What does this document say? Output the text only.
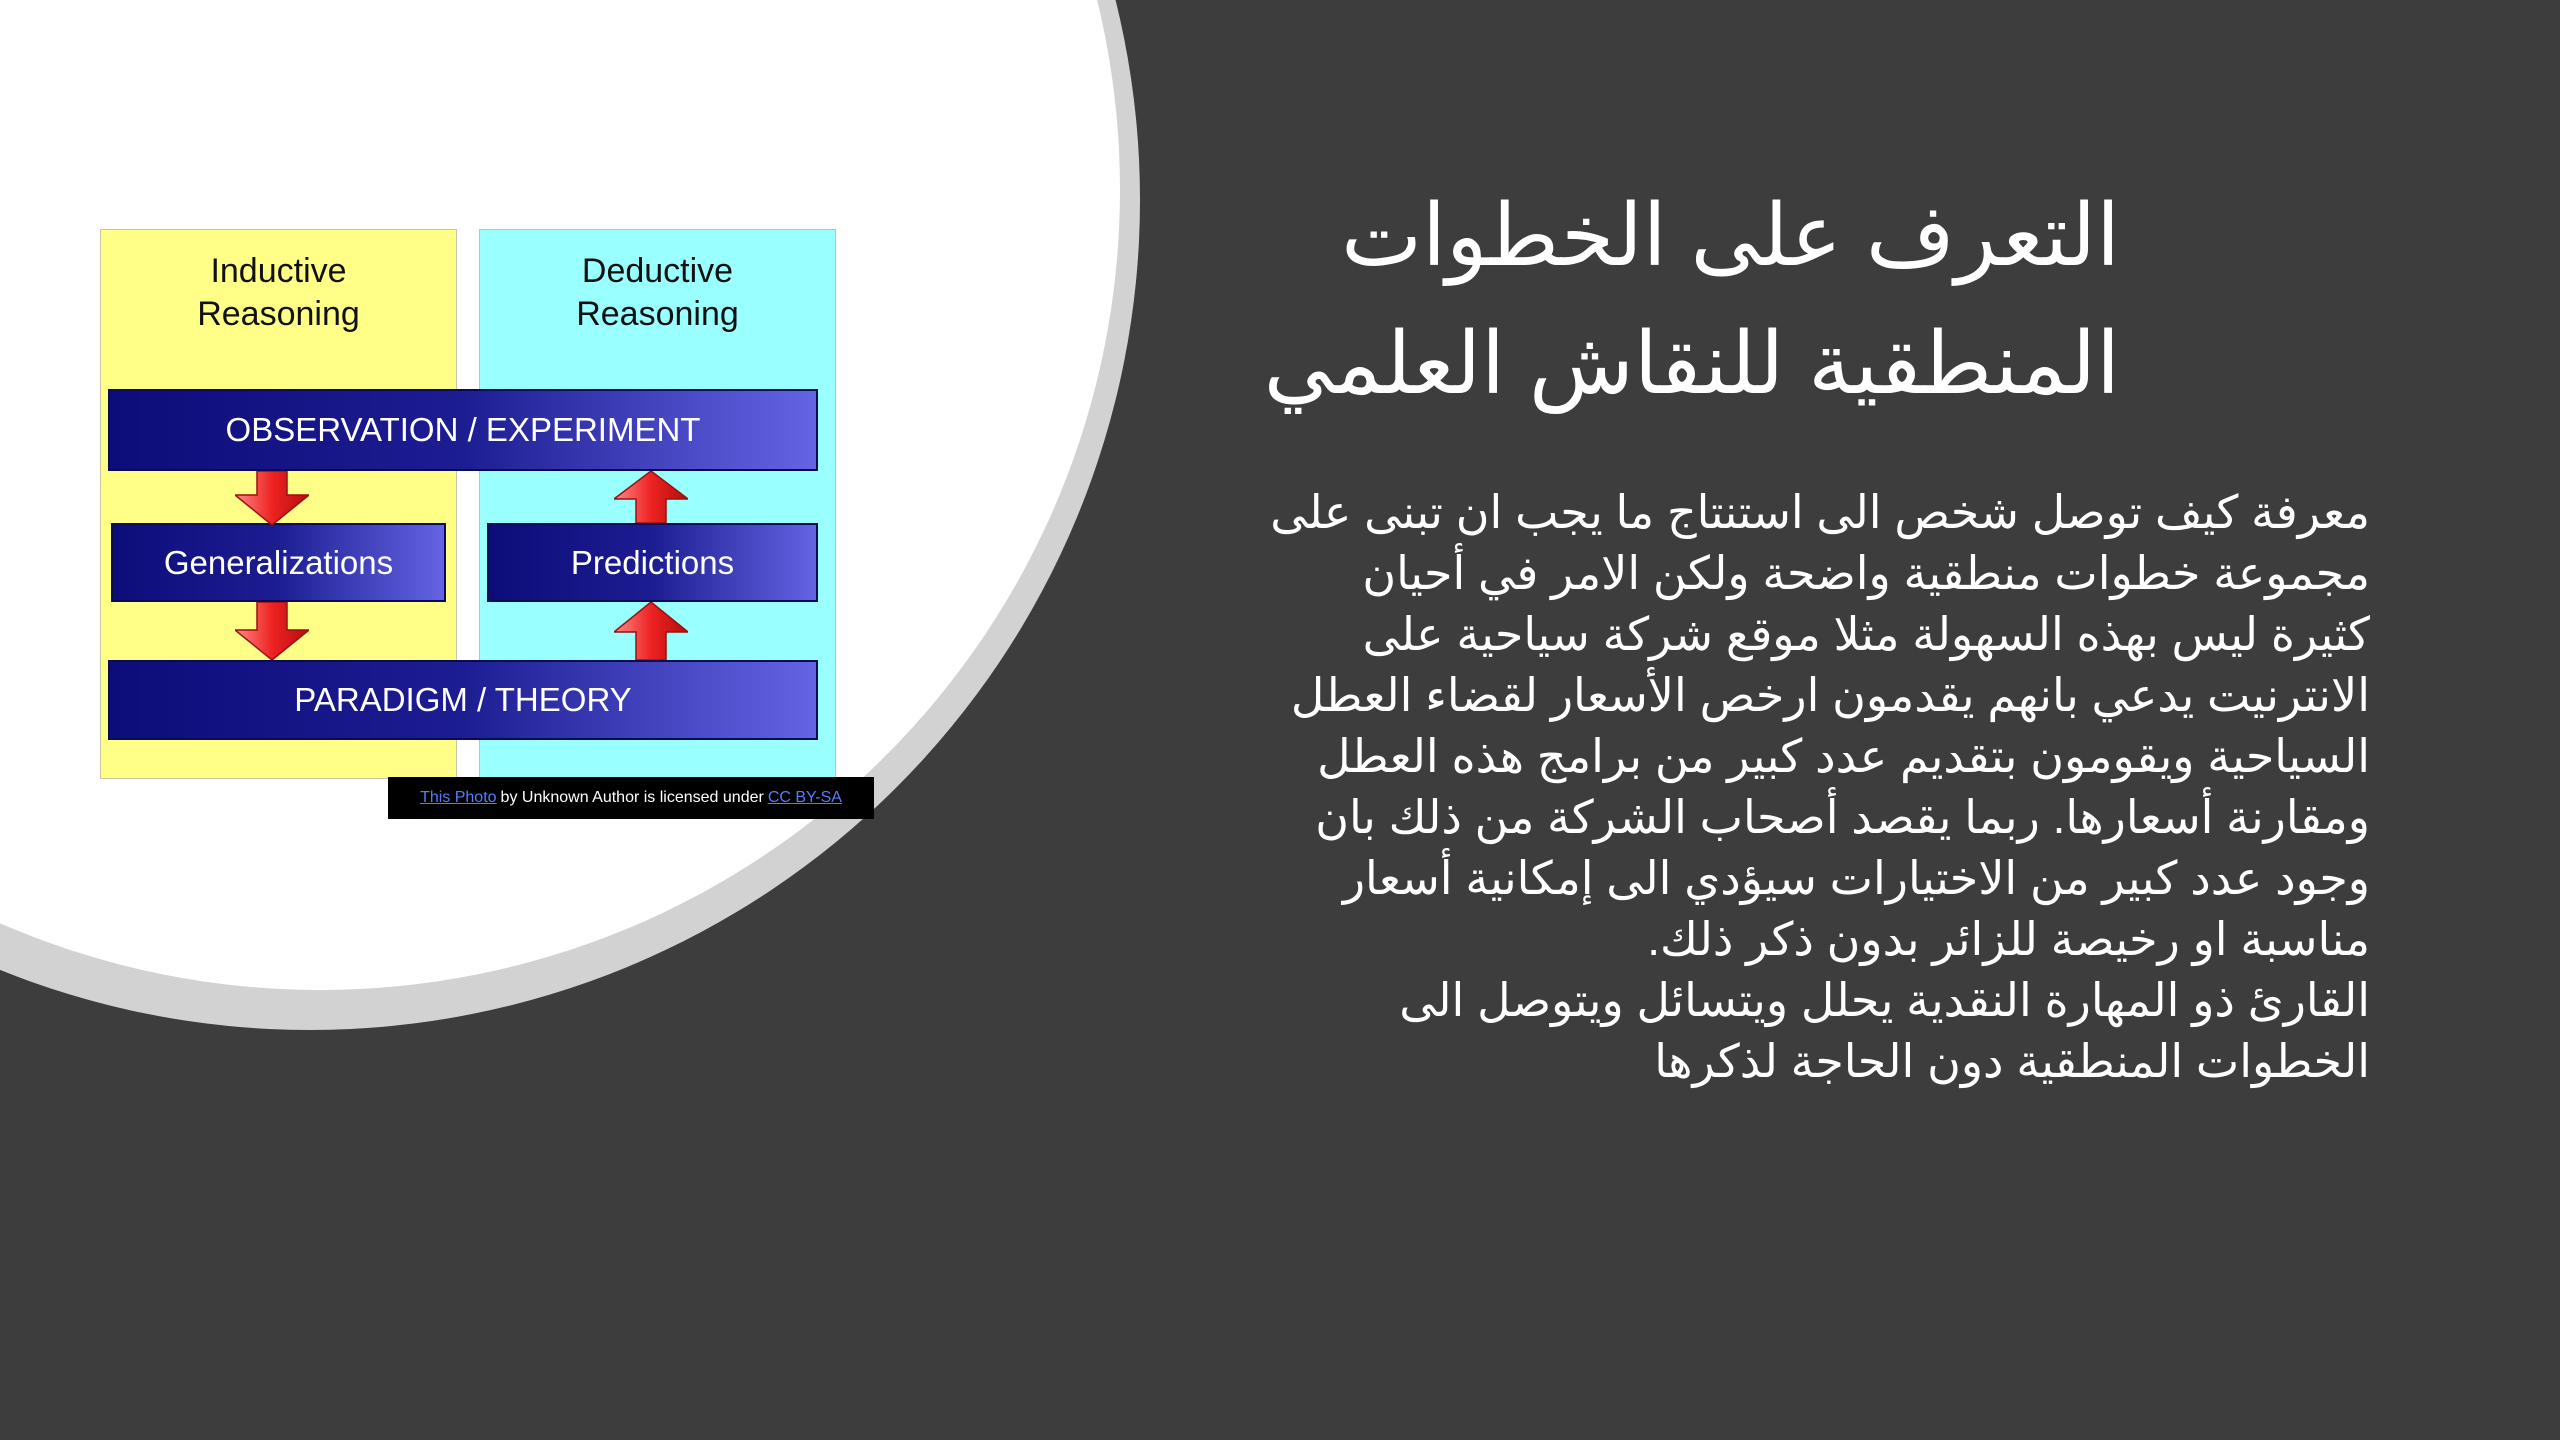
Inductive
Reasoning
Deductive
Reasoning
OBSERVATION / EXPERIMENT
Generalizations	Predictions
PARADIGM / THEORY
This Photo by Unknown Author is licensed under CC BY-SA
التعرف على الخطوات
المنطقية للنقاش العلمي

معرفة كيف توصل شخص الى استنتاج ما يجب ان تبنى على مجموعة خطوات منطقية واضحة ولكن الامر في أحيان كثيرة ليس بهذه السهولة مثلا موقع شركة سياحية على الانترنيت يدعي بانهم يقدمون ارخص الأسعار لقضاء العطل السياحية ويقومون بتقديم عدد كبير من برامج هذه العطل ومقارنة أسعارها. ربما يقصد أصحاب الشركة من ذلك بان وجود عدد كبير من الاختيارات سيؤدي الى إمكانية أسعار مناسبة او رخيصة للزائر بدون ذكر ذلك.

القارئ ذو المهارة النقدية يحلل ويتسائل ويتوصل الى الخطوات المنطقية دون الحاجة لذكرها
